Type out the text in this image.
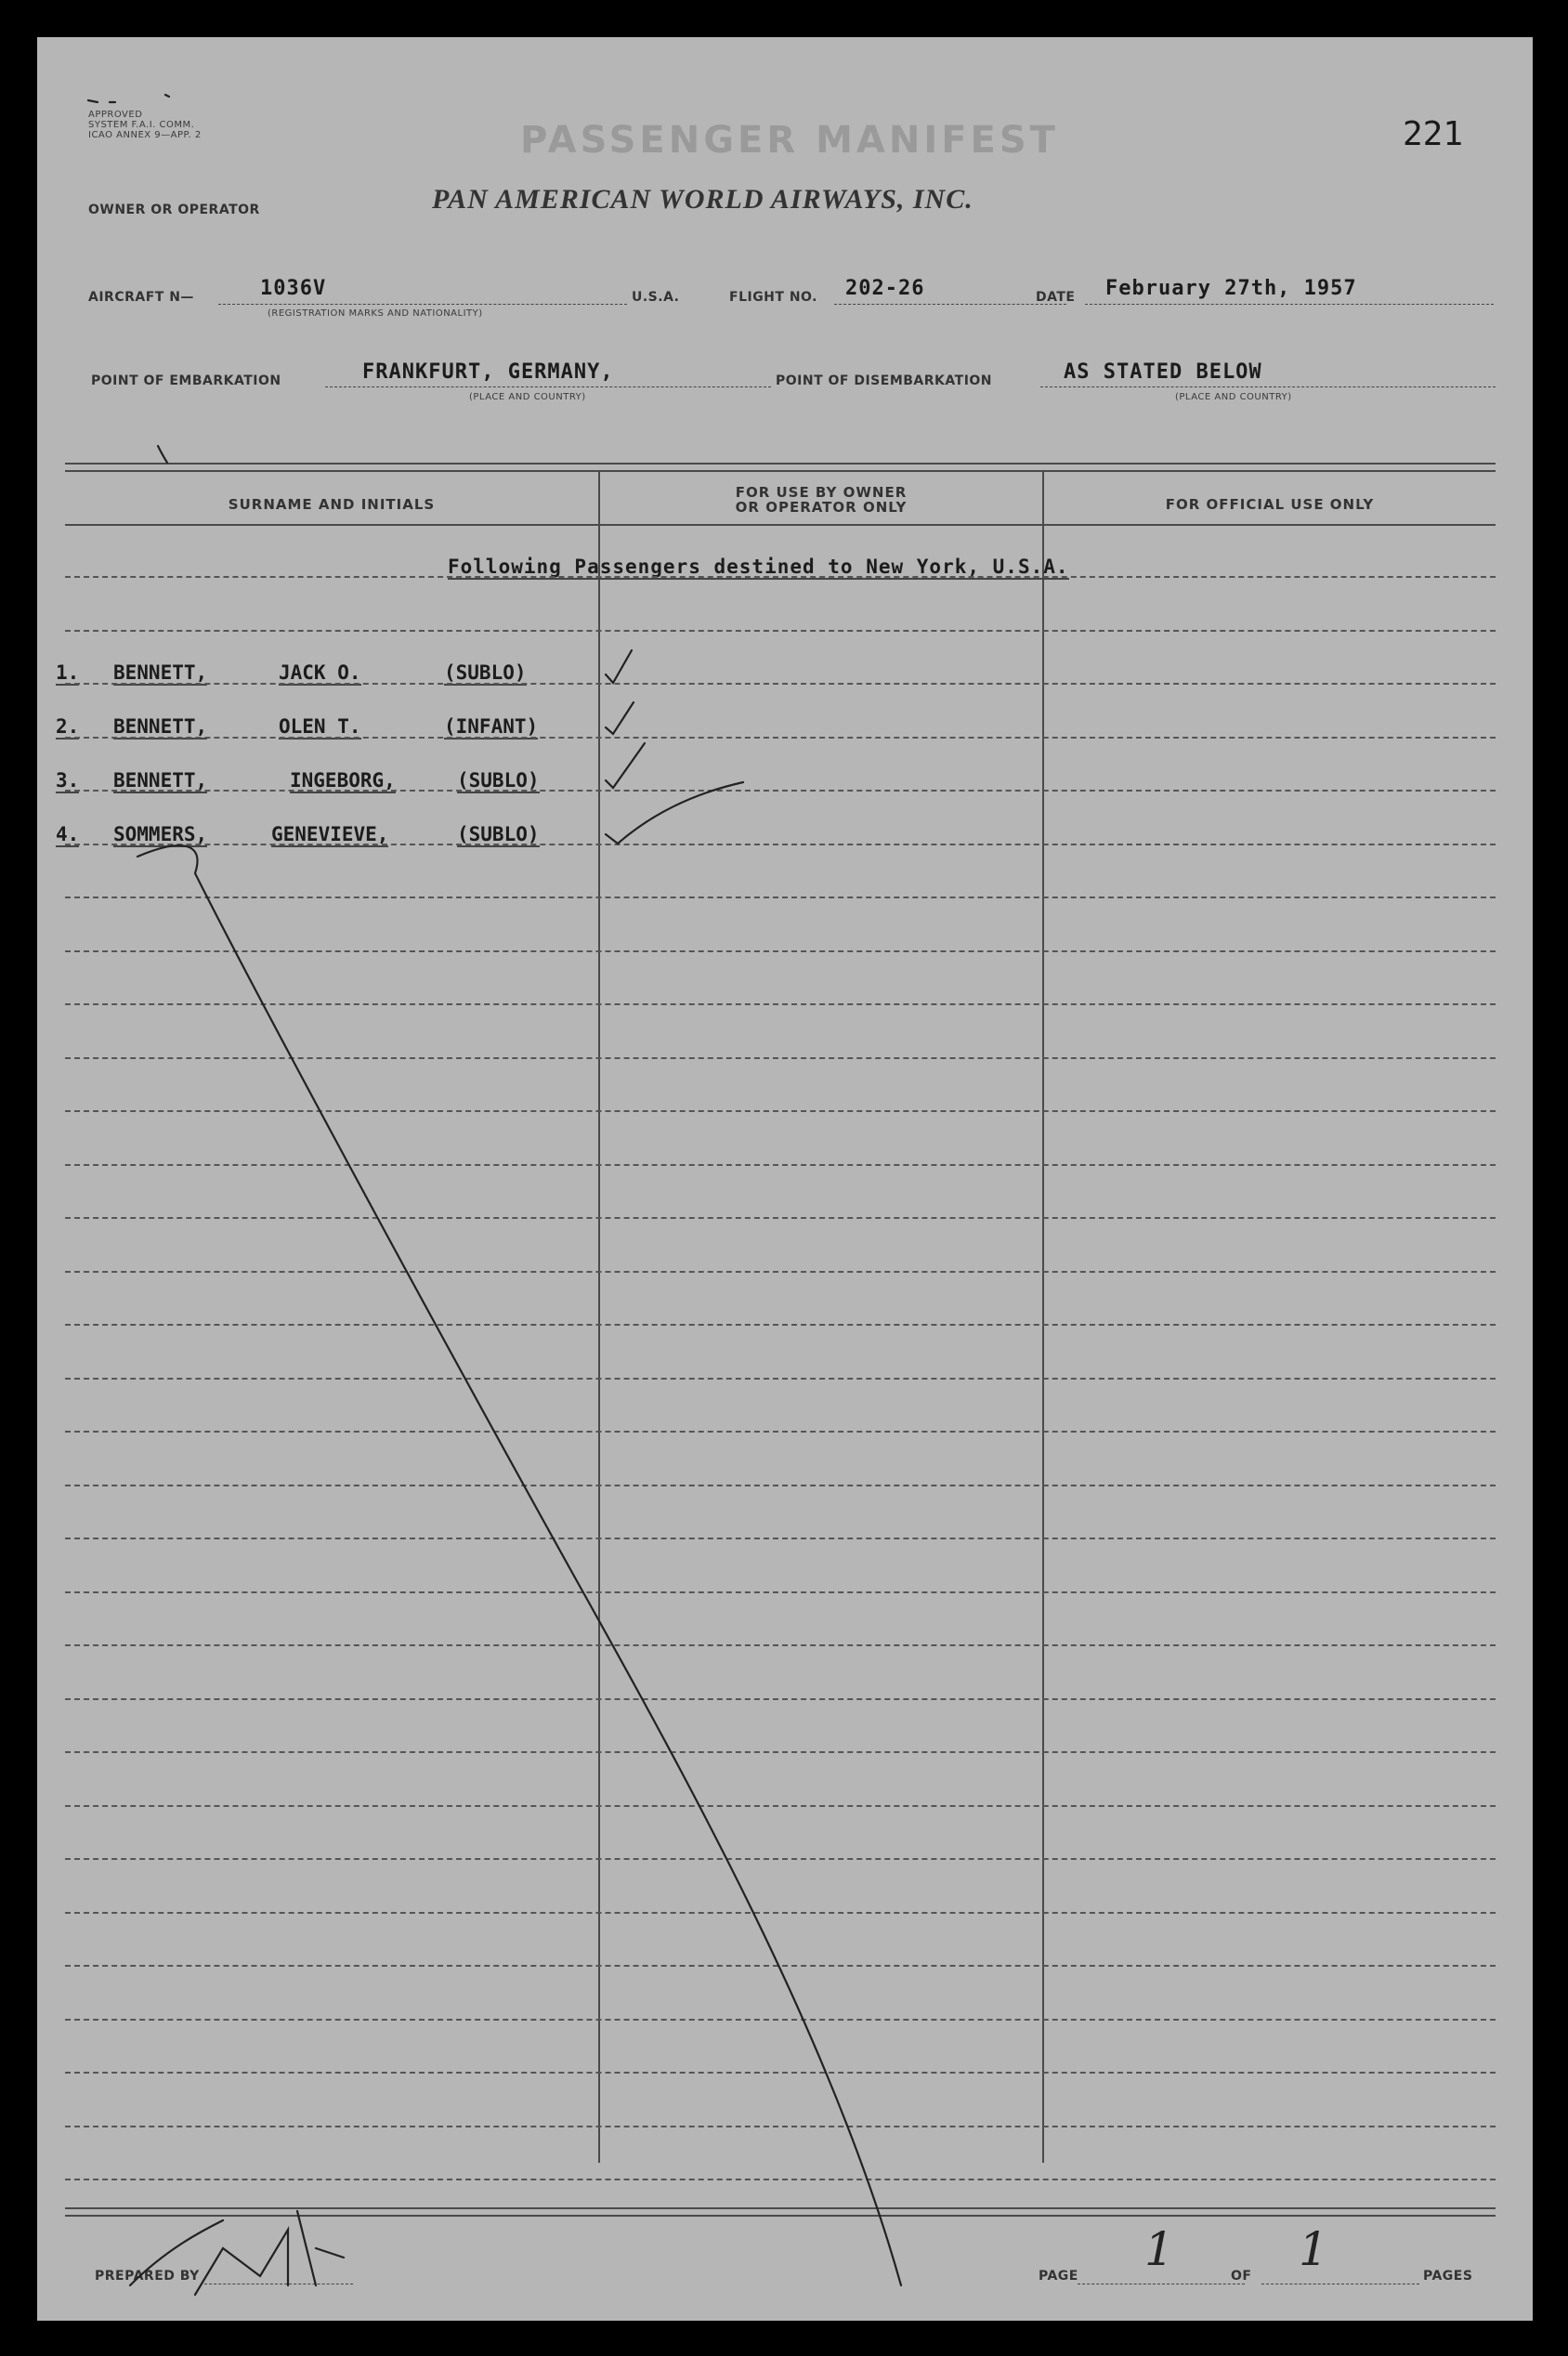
APPROVED
SYSTEM F.A.I. COMM.
ICAO ANNEX 9—APP. 2	PASSENGER MANIFEST	221
OWNER OR OPERATOR	PAN AMERICAN WORLD AIRWAYS, INC.
AIRCRAFT N—	1036V
(REGISTRATION MARKS AND NATIONALITY)
U.S.A.	FLIGHT NO. 202-26	DATE February 27th, 1957
POINT OF EMBARKATION	FRANKFURT, GERMANY,
(PLACE AND COUNTRY)
POINT OF DISEMBARKATION	AS STATED BELOW
(PLACE AND COUNTRY)
SURNAME AND INITIALS
FOR USE BY OWNER
OR OPERATOR ONLY	FOR OFFICIAL USE ONLY
Following Passengers destined to New York, U.S.A.
1. BENNETT,	JACK O.	(SUBLO)
2. BENNETT,	OLEN T.	(INFANT)
3. BENNETT,	INGEBORG,	(SUBLO)
4. SOMMERS,	GENEVIEVE,	(SUBLO)
PREPARED BY	PAGE 1	OF 1	PAGES
